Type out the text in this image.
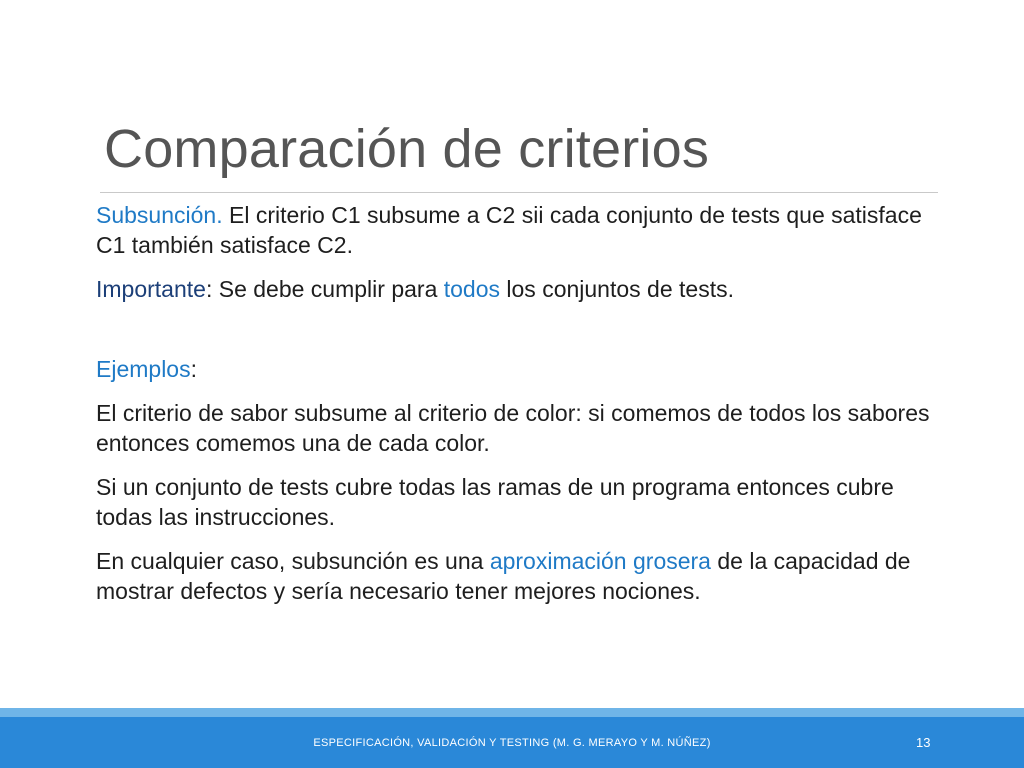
Comparación de criterios

Subsunción. El criterio C1 subsume a C2 sii cada conjunto de tests que satisface C1 también satisface C2.

Importante: Se debe cumplir para todos los conjuntos de tests.

Ejemplos:

El criterio de sabor subsume al criterio de color: si comemos de todos los sabores entonces comemos una de cada color.

Si un conjunto de tests cubre todas las ramas de un programa entonces cubre todas las instrucciones.

En cualquier caso, subsunción es una aproximación grosera de la capacidad de mostrar defectos y sería necesario tener mejores nociones.

ESPECIFICACIÓN, VALIDACIÓN Y TESTING (M. G. MERAYO Y M. NÚÑEZ)	13
